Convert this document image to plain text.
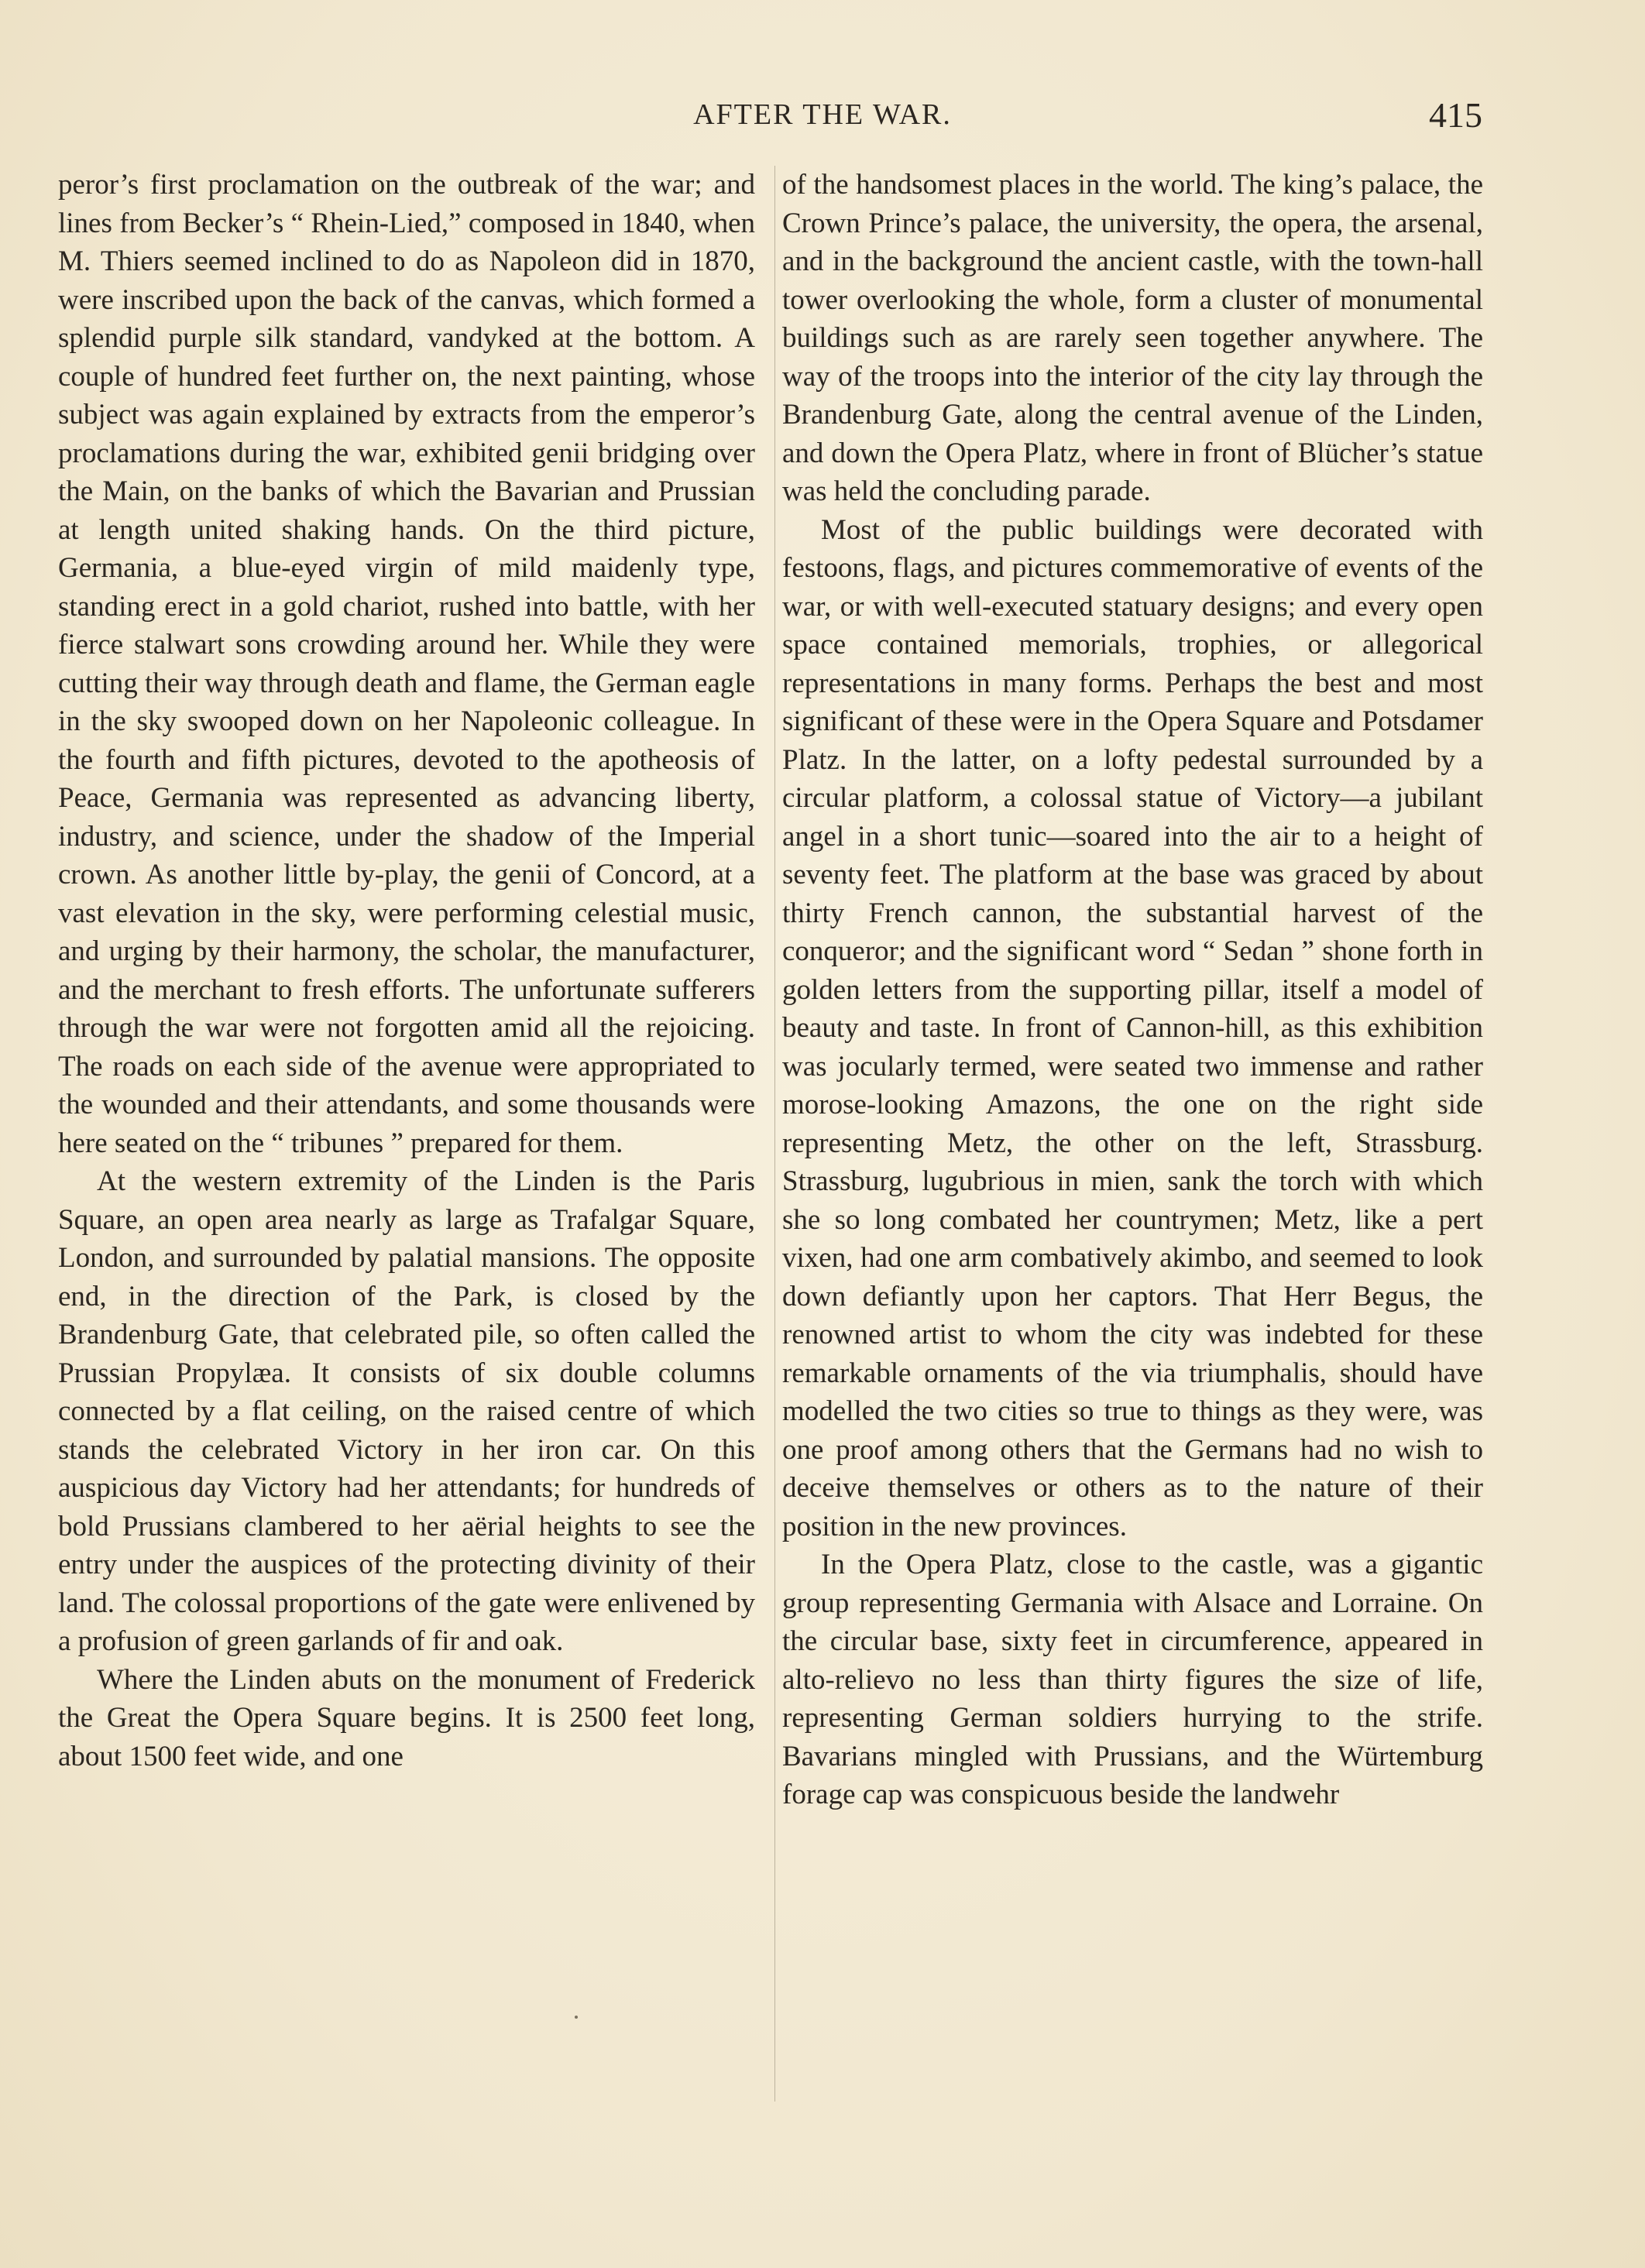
AFTER THE WAR.	415

peror’s first proclamation on the outbreak of the war; and lines from Becker’s “ Rhein-Lied,” composed in 1840, when M. Thiers seemed inclined to do as Napoleon did in 1870, were inscribed upon the back of the canvas, which formed a splendid purple silk standard, vandyked at the bottom. A couple of hundred feet further on, the next painting, whose subject was again explained by extracts from the emperor’s proclamations during the war, exhibited genii bridging over the Main, on the banks of which the Bavarian and Prussian at length united shaking hands. On the third picture, Germania, a blue-eyed virgin of mild maidenly type, standing erect in a gold chariot, rushed into battle, with her fierce stalwart sons crowding around her. While they were cutting their way through death and flame, the German eagle in the sky swooped down on her Napoleonic colleague. In the fourth and fifth pictures, devoted to the apotheosis of Peace, Germania was represented as advancing liberty, industry, and science, under the shadow of the Imperial crown. As another little by-play, the genii of Concord, at a vast elevation in the sky, were performing celestial music, and urging by their harmony, the scholar, the manufacturer, and the merchant to fresh efforts. The unfortunate sufferers through the war were not forgotten amid all the rejoicing. The roads on each side of the avenue were appropriated to the wounded and their attendants, and some thousands were here seated on the “ tribunes ” prepared for them.

At the western extremity of the Linden is the Paris Square, an open area nearly as large as Trafalgar Square, London, and surrounded by palatial mansions. The opposite end, in the direction of the Park, is closed by the Brandenburg Gate, that celebrated pile, so often called the Prussian Propylæa. It consists of six double columns connected by a flat ceiling, on the raised centre of which stands the celebrated Victory in her iron car. On this auspicious day Victory had her attendants; for hundreds of bold Prussians clambered to her aërial heights to see the entry under the auspices of the protecting divinity of their land. The colossal proportions of the gate were enlivened by a profusion of green garlands of fir and oak.

Where the Linden abuts on the monument of Frederick the Great the Opera Square begins. It is 2500 feet long, about 1500 feet wide, and one

of the handsomest places in the world. The king’s palace, the Crown Prince’s palace, the university, the opera, the arsenal, and in the background the ancient castle, with the town-hall tower overlooking the whole, form a cluster of monumental buildings such as are rarely seen together anywhere. The way of the troops into the interior of the city lay through the Brandenburg Gate, along the central avenue of the Linden, and down the Opera Platz, where in front of Blücher’s statue was held the concluding parade.

Most of the public buildings were decorated with festoons, flags, and pictures commemorative of events of the war, or with well-executed statuary designs; and every open space contained memorials, trophies, or allegorical representations in many forms. Perhaps the best and most significant of these were in the Opera Square and Potsdamer Platz. In the latter, on a lofty pedestal surrounded by a circular platform, a colossal statue of Victory—a jubilant angel in a short tunic—soared into the air to a height of seventy feet. The platform at the base was graced by about thirty French cannon, the substantial harvest of the conqueror; and the significant word “ Sedan ” shone forth in golden letters from the supporting pillar, itself a model of beauty and taste. In front of Cannon-hill, as this exhibition was jocularly termed, were seated two immense and rather morose-looking Amazons, the one on the right side representing Metz, the other on the left, Strassburg. Strassburg, lugubrious in mien, sank the torch with which she so long combated her countrymen; Metz, like a pert vixen, had one arm combatively akimbo, and seemed to look down defiantly upon her captors. That Herr Begus, the renowned artist to whom the city was indebted for these remarkable ornaments of the via triumphalis, should have modelled the two cities so true to things as they were, was one proof among others that the Germans had no wish to deceive themselves or others as to the nature of their position in the new provinces.

In the Opera Platz, close to the castle, was a gigantic group representing Germania with Alsace and Lorraine. On the circular base, sixty feet in circumference, appeared in alto-relievo no less than thirty figures the size of life, representing German soldiers hurrying to the strife. Bavarians mingled with Prussians, and the Würtemburg forage cap was conspicuous beside the landwehr
